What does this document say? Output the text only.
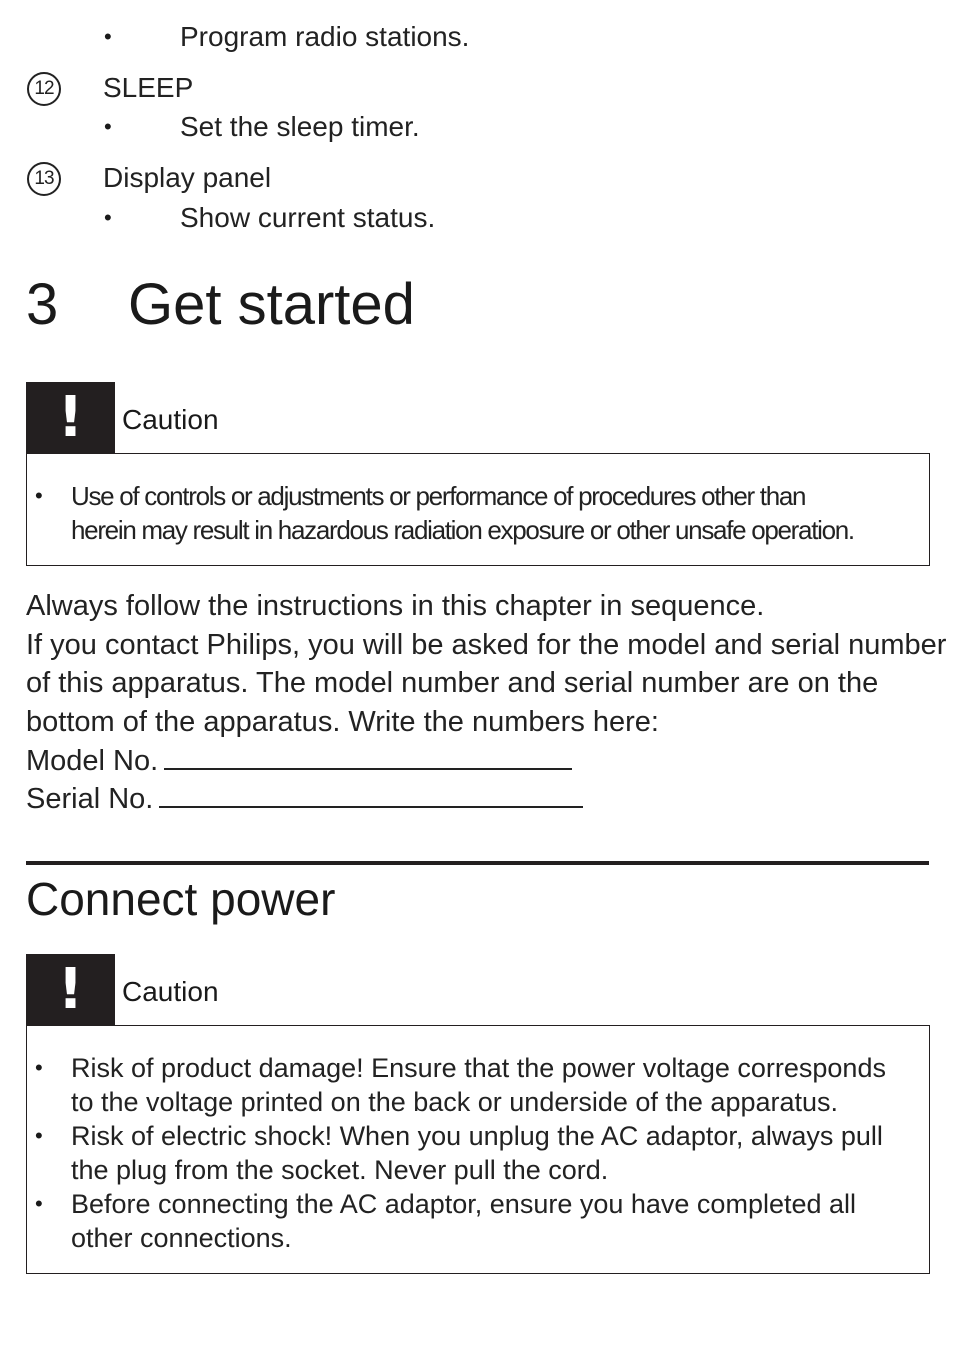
• Program radio stations.
12 SLEEP
• Set the sleep timer.
13 Display panel
• Show current status.
3 Get started
!	Caution
• Use of controls or adjustments or performance of procedures other than
herein may result in hazardous radiation exposure or other unsafe operation.
Always follow the instructions in this chapter in sequence.
If you contact Philips, you will be asked for the model and serial number
of this apparatus. The model number and serial number are on the
bottom of the apparatus. Write the numbers here:
Model No.
Serial No.
Connect power
!	Caution
• Risk of product damage! Ensure that the power voltage corresponds
to the voltage printed on the back or underside of the apparatus.
• Risk of electric shock! When you unplug the AC adaptor, always pull
the plug from the socket. Never pull the cord.
• Before connecting the AC adaptor, ensure you have completed all
other connections.
